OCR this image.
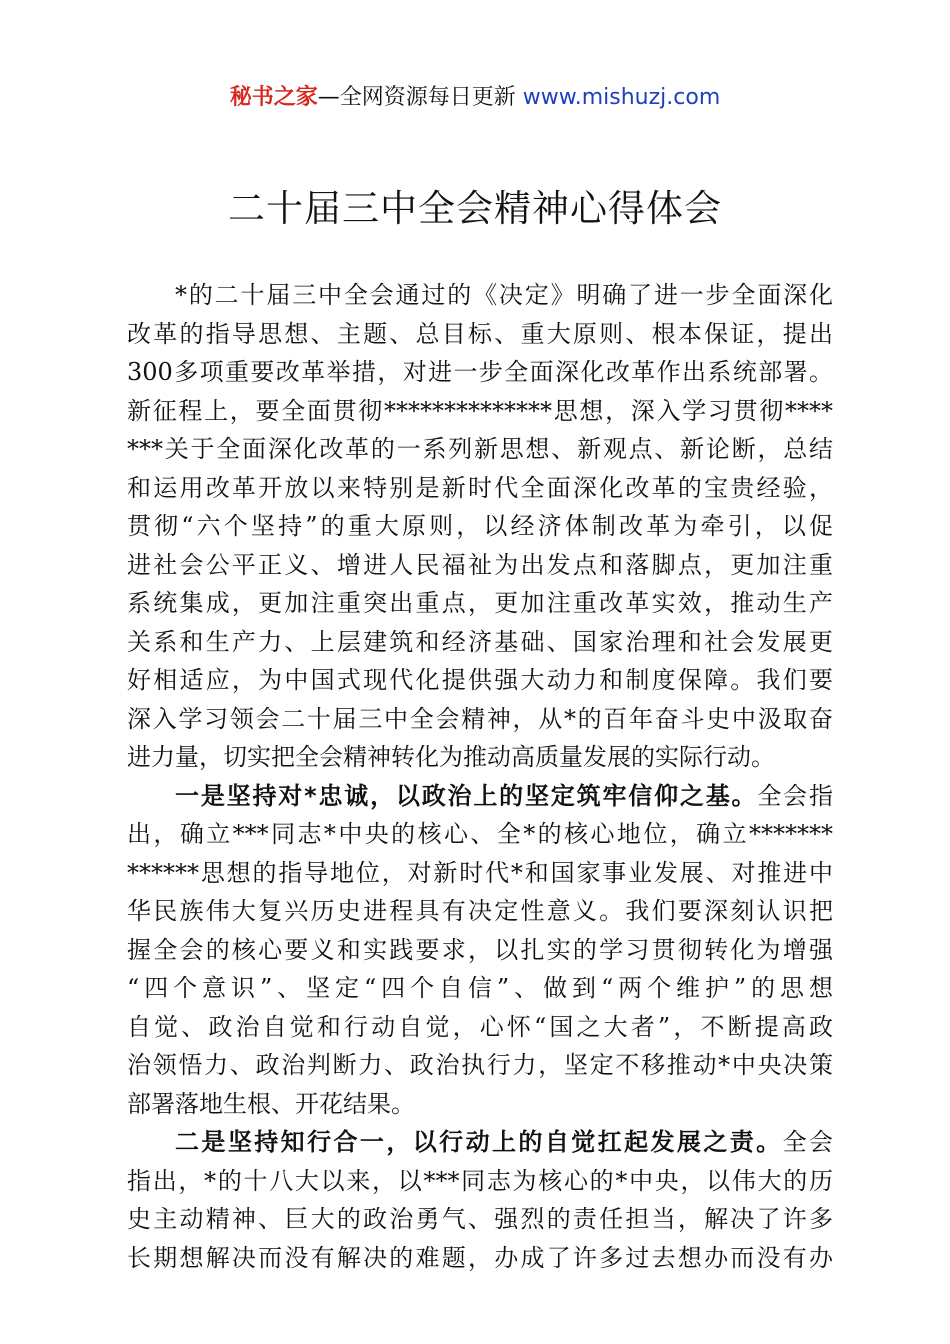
秘书之家—全网资源每日更新 www.mishuzj.com
二十届三中全会精神心得体会
*的二十届三中全会通过的《决定》明确了进一步全面深化
改革的指导思想、主题、总目标、重大原则、根本保证，提出
300多项重要改革举措，对进一步全面深化改革作出系统部署。
新征程上，要全面贯彻**************思想，深入学习贯彻****
***关于全面深化改革的一系列新思想、新观点、新论断，总结
和运用改革开放以来特别是新时代全面深化改革的宝贵经验，
贯彻“六个坚持”的重大原则，以经济体制改革为牵引，以促
进社会公平正义、增进人民福祉为出发点和落脚点，更加注重
系统集成，更加注重突出重点，更加注重改革实效，推动生产
关系和生产力、上层建筑和经济基础、国家治理和社会发展更
好相适应，为中国式现代化提供强大动力和制度保障。我们要
深入学习领会二十届三中全会精神，从*的百年奋斗史中汲取奋
进力量，切实把全会精神转化为推动高质量发展的实际行动。
一是坚持对*忠诚，以政治上的坚定筑牢信仰之基。全会指
出，确立***同志*中央的核心、全*的核心地位，确立*******
******思想的指导地位，对新时代*和国家事业发展、对推进中
华民族伟大复兴历史进程具有决定性意义。我们要深刻认识把
握全会的核心要义和实践要求，以扎实的学习贯彻转化为增强
“四个意识”、坚定“四个自信”、做到“两个维护”的思想
自觉、政治自觉和行动自觉，心怀“国之大者”，不断提高政
治领悟力、政治判断力、政治执行力，坚定不移推动*中央决策
部署落地生根、开花结果。
二是坚持知行合一，以行动上的自觉扛起发展之责。全会
指出，*的十八大以来，以***同志为核心的*中央，以伟大的历
史主动精神、巨大的政治勇气、强烈的责任担当，解决了许多
长期想解决而没有解决的难题，办成了许多过去想办而没有办
